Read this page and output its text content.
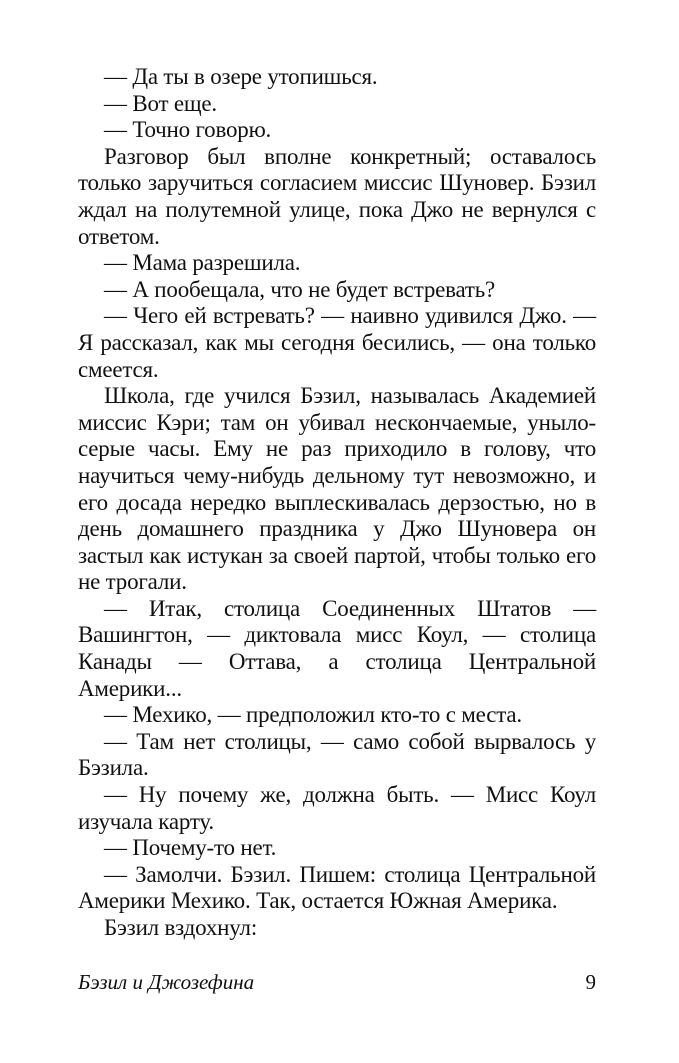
— Да ты в озере утопишься.

— Вот еще.

— Точно говорю.

Разговор был вполне конкретный; оставалось только заручиться согласием миссис Шуновер. Бэзил ждал на полутемной улице, пока Джо не вернулся с ответом.

— Мама разрешила.

— А пообещала, что не будет встревать?

— Чего ей встревать? — наивно удивился Джо. — Я рассказал, как мы сегодня бесились, — она только смеется.

Школа, где учился Бэзил, называлась Академией миссис Кэри; там он убивал нескончаемые, уныло-серые часы. Ему не раз приходило в голову, что научиться чему-нибудь дельному тут невозможно, и его досада нередко выплескивалась дерзостью, но в день домашнего праздника у Джо Шуновера он застыл как истукан за своей партой, чтобы только его не трогали.

— Итак, столица Соединенных Штатов — Вашингтон, — диктовала мисс Коул, — столица Канады — Оттава, а столица Центральной Америки...

— Мехико, — предположил кто-то с места.

— Там нет столицы, — само собой вырвалось у Бэзила.

— Ну почему же, должна быть. — Мисс Коул изучала карту.

— Почему-то нет.

— Замолчи. Бэзил. Пишем: столица Центральной Америки Мехико. Так, остается Южная Америка.

Бэзил вздохнул:

Бэзил и Джозефина	9
